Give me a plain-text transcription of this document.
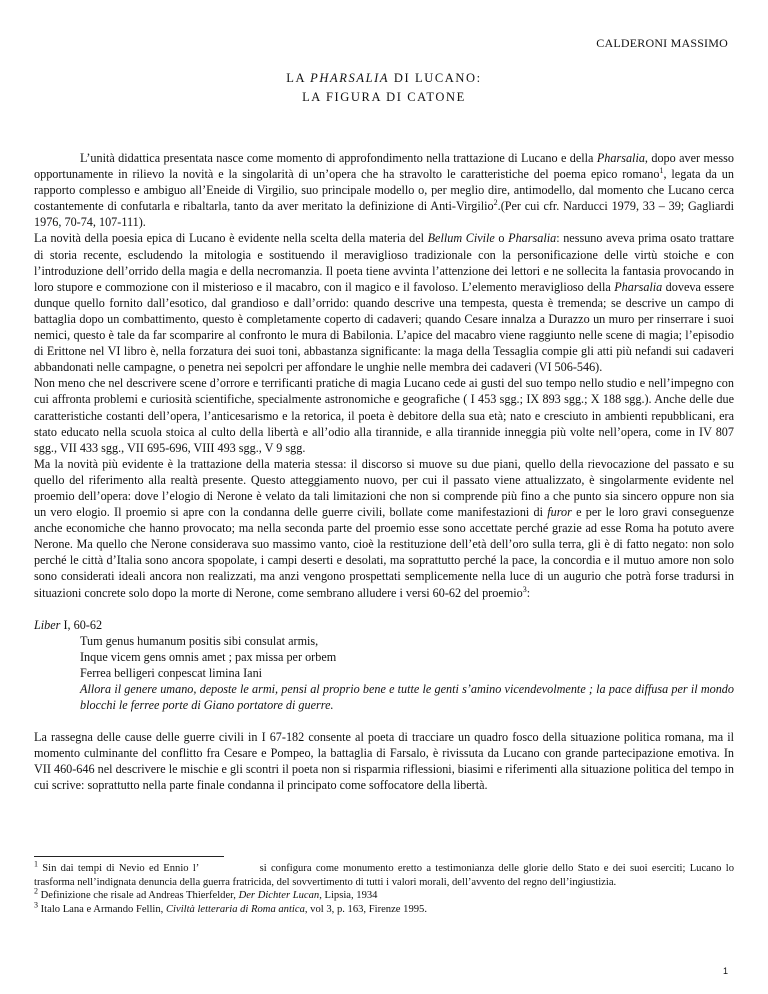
CALDERONI MASSIMO
LA PHARSALIA DI LUCANO:
LA FIGURA DI CATONE

L’unità didattica presentata nasce come momento di approfondimento nella trattazione di Lucano e della Pharsalia, dopo aver messo opportunamente in rilievo la novità e la singolarità di un’opera che ha stravolto le caratteristiche del poema epico romano$^1$, legata da un rapporto complesso e ambiguo all’Eneide di Virgilio, suo principale modello o, per meglio dire, antimodello, dal momento che Lucano cerca costantemente di confutarla e ribaltarla, tanto da aver meritato la definizione di Anti-Virgilio$^2$.(Per cui cfr. Narducci 1979, 33 – 39; Gagliardi 1976, 70-74, 107-111).

La novità della poesia epica di Lucano è evidente nella scelta della materia del Bellum Civile o Pharsalia: nessuno aveva prima osato trattare di storia recente, escludendo la mitologia e sostituendo il meraviglioso tradizionale con la personificazione delle virtù stoiche e con l’introduzione dell’orrido della magia e della necromanzia. Il poeta tiene avvinta l’attenzione dei lettori e ne sollecita la fantasia provocando in loro stupore e commozione con il misterioso e il macabro, con il magico e il favoloso. L’elemento meraviglioso della Pharsalia doveva essere dunque quello fornito dall’esotico, dal grandioso e dall’orrido: quando descrive una tempesta, questa è tremenda; se descrive un campo di battaglia dopo un combattimento, questo è completamente coperto di cadaveri; quando Cesare innalza a Durazzo un muro per rinserrare i suoi nemici, questo è tale da far scomparire al confronto le mura di Babilonia. L’apice del macabro viene raggiunto nelle scene di magia; l’episodio di Erittone nel VI libro è, nella forzatura dei suoi toni, abbastanza significante: la maga della Tessaglia compie gli atti più nefandi sui cadaveri abbandonati nelle campagne, o penetra nei sepolcri per affondare le unghie nelle membra dei cadaveri (VI 506-546).

Non meno che nel descrivere scene d’orrore e terrificanti pratiche di magia Lucano cede ai gusti del suo tempo nello studio e nell’impegno con cui affronta problemi e curiosità scientifiche, specialmente astronomiche e geografiche ( I 453 sgg.; IX 893 sgg.; X 188 sgg.). Anche delle due caratteristiche costanti dell’opera, l’anticesarismo e la retorica, il poeta è debitore della sua età; nato e cresciuto in ambienti repubblicani, era stato educato nella scuola stoica al culto della libertà e all’odio alla tirannide, e alla tirannide inneggia più volte nell’opera, come in IV 807 sgg., VII 433 sgg., VII 695-696, VIII 493 sgg., V 9 sgg.

Ma la novità più evidente è la trattazione della materia stessa: il discorso si muove su due piani, quello della rievocazione del passato e su quello del riferimento alla realtà presente. Questo atteggiamento nuovo, per cui il passato viene attualizzato, è singolarmente evidente nel proemio dell’opera: dove l’elogio di Nerone è velato da tali limitazioni che non si comprende più fino a che punto sia sincero oppure non sia un vero elogio. Il proemio si apre con la condanna delle guerre civili, bollate come manifestazioni di furor e per le loro gravi conseguenze anche economiche che hanno provocato; ma nella seconda parte del proemio esse sono accettate perché grazie ad esse Roma ha potuto avere Nerone. Ma quello che Nerone considerava suo massimo vanto, cioè la restituzione dell’età dell’oro sulla terra, gli è di fatto negato: non solo perché le città d’Italia sono ancora spopolate, i campi deserti e desolati, ma soprattutto perché la pace, la concordia e il mutuo amore non solo sono considerati ideali ancora non realizzati, ma anzi vengono prospettati semplicemente nella luce di un augurio che potrà forse tradursi in situazioni concrete solo dopo la morte di Nerone, come sembrano alludere i versi 60-62 del proemio$^3$:

Liber I, 60-62
Tum genus humanum positis sibi consulat armis,
Inque vicem gens omnis amet ; pax missa per orbem
Ferrea belligeri conpescat limina Iani
Allora il genere umano, deposte le armi, pensi al proprio bene e tutte le genti s’amino vicendevolmente ; la pace diffusa per il mondo blocchi le ferree porte di Giano portatore di guerre.

La rassegna delle cause delle guerre civili in I 67-182 consente al poeta di tracciare un quadro fosco della situazione politica romana, ma il momento culminante del conflitto fra Cesare e Pompeo, la battaglia di Farsalo, è rivissuta da Lucano con grande partecipazione emotiva. In VII 460-646 nel descrivere le mischie e gli scontri il poeta non si risparmia riflessioni, biasimi e riferimenti alla situazione politica del tempo in cui scrive: soprattutto nella parte finale condanna il principato come soffocatore della libertà.

$^1$ Sin dai tempi di Nevio ed Ennio l’	si configura come monumento eretto a testimonianza delle glorie dello Stato e dei suoi eserciti; Lucano lo trasforma nell’indignata denuncia della guerra fratricida, del sovvertimento di tutti i valori morali, dell’avvento del regno dell’ingiustizia.

$^2$ Definizione che risale ad Andreas Thierfelder, Der Dichter Lucan, Lipsia, 1934

$^3$ Italo Lana e Armando Fellin, Civiltà letteraria di Roma antica, vol 3, p. 163, Firenze 1995.

1
